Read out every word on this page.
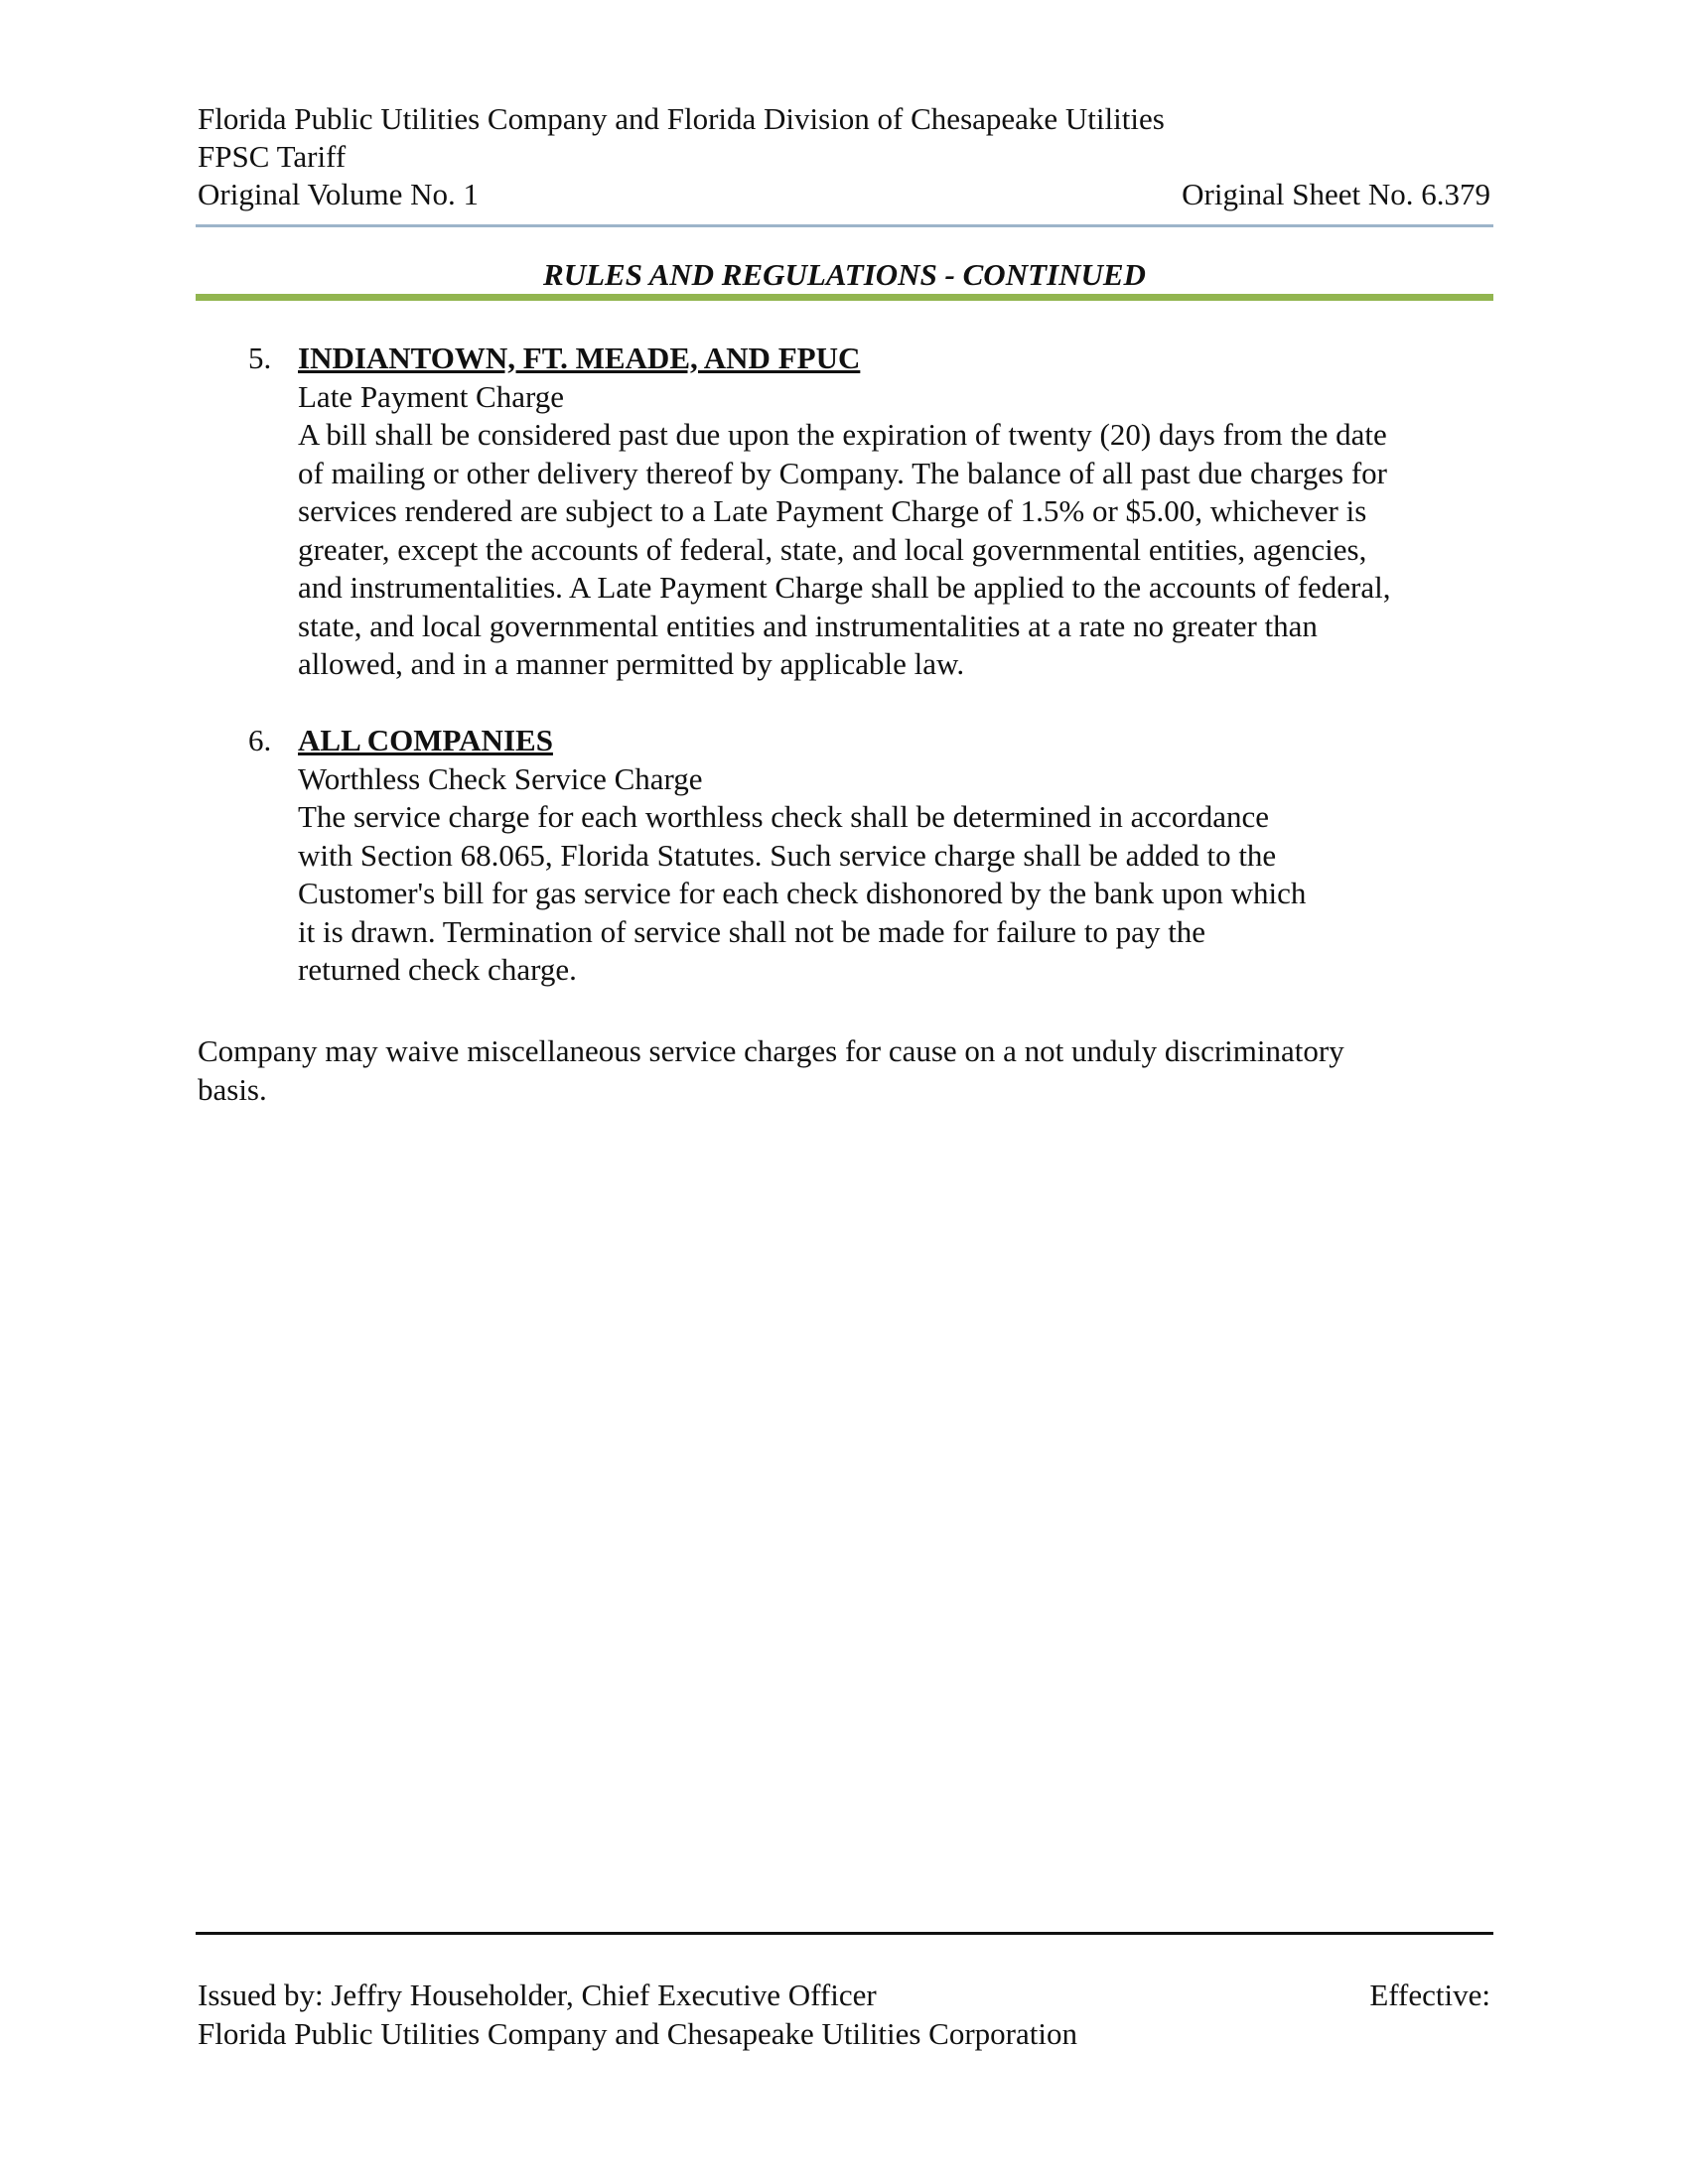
Florida Public Utilities Company and Florida Division of Chesapeake Utilities
FPSC Tariff
Original Volume No. 1	Original Sheet No. 6.379
RULES AND REGULATIONS - CONTINUED
5. INDIANTOWN, FT. MEADE, AND FPUC
Late Payment Charge
A bill shall be considered past due upon the expiration of twenty (20) days from the date
of mailing or other delivery thereof by Company. The balance of all past due charges for
services rendered are subject to a Late Payment Charge of 1.5% or $5.00, whichever is
greater, except the accounts of federal, state, and local governmental entities, agencies,
and instrumentalities. A Late Payment Charge shall be applied to the accounts of federal,
state, and local governmental entities and instrumentalities at a rate no greater than
allowed, and in a manner permitted by applicable law.
6. ALL COMPANIES
Worthless Check Service Charge
The service charge for each worthless check shall be determined in accordance
with Section 68.065, Florida Statutes. Such service charge shall be added to the
Customer's bill for gas service for each check dishonored by the bank upon which
it is drawn. Termination of service shall not be made for failure to pay the
returned check charge.
Company may waive miscellaneous service charges for cause on a not unduly discriminatory
basis.
Issued by: Jeffry Householder, Chief Executive Officer	Effective:
Florida Public Utilities Company and Chesapeake Utilities Corporation
